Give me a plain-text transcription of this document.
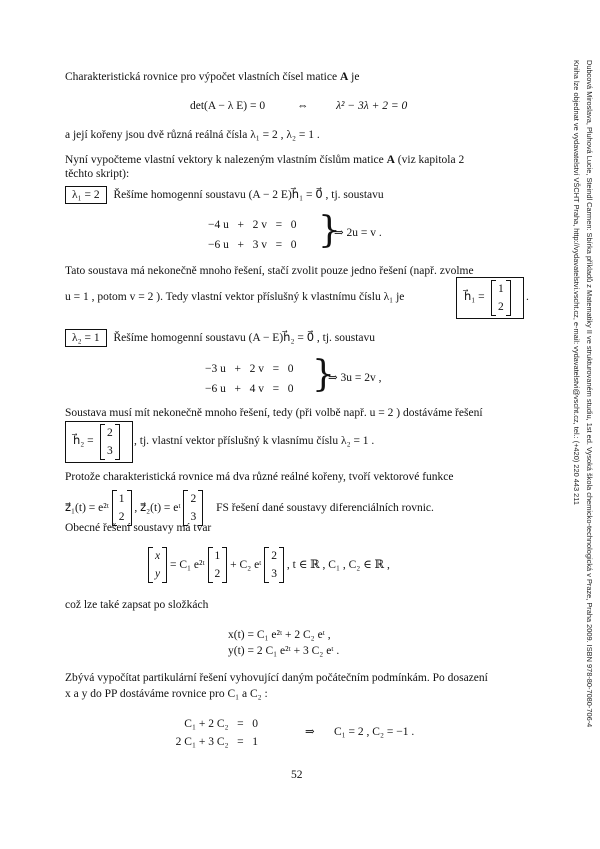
Dubcová Miroslava, Pluhová Lucie, Steindl Carmen: Sbírka příkladů z Matematiky II ve strukturovaném studiu, 1st ed. Vysoká škola chemicko-technologická v Praze, Praha 2009. ISBN 978-80-7080-706-4
Kniha lze objednat ve vydavatelství VŠCHT Praha, http://vydavatelstvi.vscht.cz, e-mail: vydavatelstvi@vscht.cz, tel.: (+420) 220 443 211
Charakteristická rovnice pro výpočet vlastních čísel matice A je
det(A − λ E) = 0	⇔ λ² − 3λ + 2 = 0
a její kořeny jsou dvě různá reálná čísla λ₁ = 2 , λ₂ = 1 .
Nyní vypočteme vlastní vektory k nalezeným vlastním číslům matice A (viz kapitola 2
těchto skript):
λ₁ = 2 Řešíme homogenní soustavu (A − 2 E)h⃗₁ = 0⃗ , tj. soustavu
−4 u   +   2 v   =   0
−6 u   +   3 v   =   0 }
⇒ 2u = v .
Tato soustava má nekonečně mnoho řešení, stačí zvolit pouze jedno řešení (např. zvolme
u = 1 , potom v = 2 ). Tedy vlastní vektor příslušný k vlastnímu číslu λ₁ je	h⃗₁ =
1
2
.
λ₂ = 1 Řešíme homogenní soustavu (A − E)h⃗₂ = 0⃗ , tj. soustavu
−3 u   +   2 v   =   0
−6 u   +   4 v   =   0 }
⇒ 3u = 2v ,
Soustava musí mít nekonečně mnoho řešení, tedy (při volbě např. u = 2 ) dostáváme řešení
h⃗₂ =
2
3
, tj. vlastní vektor příslušný k vlasnímu číslu λ₂ = 1 .
Protože charakteristická rovnice má dva různé reálné kořeny, tvoří vektorové funkce
z⃗₁(t) = e²ᵗ
1
2
, z⃗₂(t) = eᵗ
2
3
FS řešení dané soustavy diferenciálních rovnic.
Obecné řešení soustavy má tvar
x
y
= C₁ e²ᵗ
1
2
+ C₂ eᵗ
2
3
, t ∈ ℝ , C₁ , C₂ ∈ ℝ ,
což lze také zapsat po složkách
x(t) = C₁ e²ᵗ + 2 C₂ eᵗ ,
y(t) = 2 C₁ e²ᵗ + 3 C₂ eᵗ .
Zbývá vypočítat partikulární řešení vyhovující daným počátečním podmínkám. Po dosazení
x a y do PP dostáváme rovnice pro C₁ a C₂ :
C₁ + 2 C₂   =   0
2 C₁ + 3 C₂   =   1
⇒ C₁ = 2 , C₂ = −1 .
52
